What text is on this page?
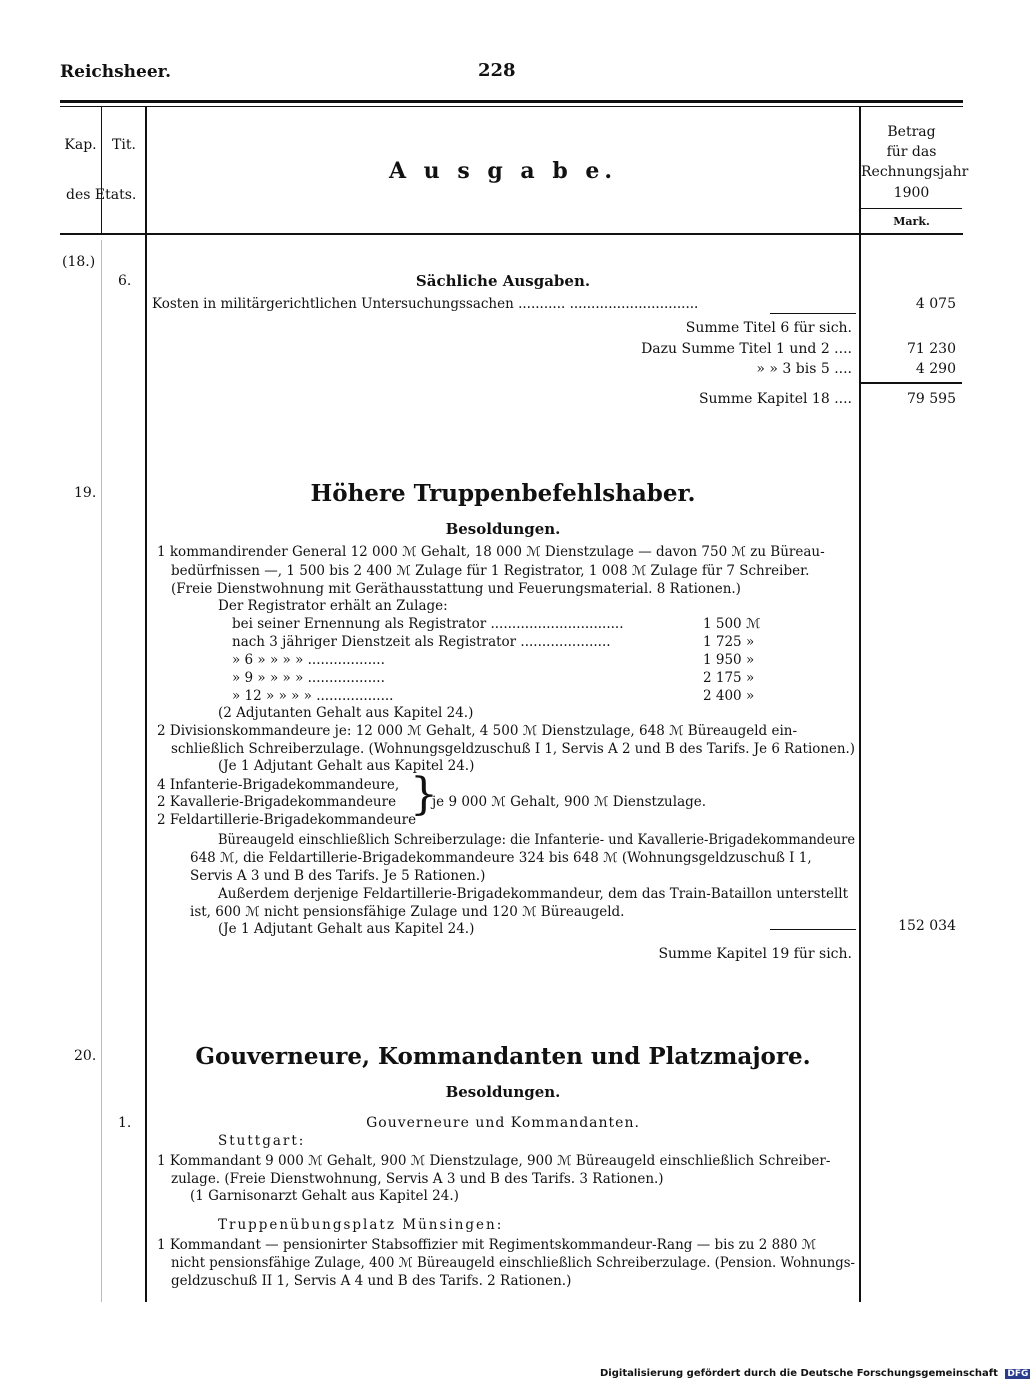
Reichsheer.	228
Kap.	Tit.
des Etats.
A u s g a b e.
Betrag
für das
Rechnungsjahr
1900
Mark.
(18.)
6.	Sächliche Ausgaben.
Kosten in militärgerichtlichen Untersuchungssachen ........... ..............................	4 075
Summe Titel 6 für sich.
Dazu Summe Titel 1 und 2 ....	71 230
» » 3 bis 5 ....	4 290
Summe Kapitel 18 ....	79 595
19.	Höhere Truppenbefehlshaber.
Besoldungen.
1 kommandirender General 12 000 ℳ Gehalt, 18 000 ℳ Dienstzulage — davon 750 ℳ zu Büreau-
bedürfnissen —, 1 500 bis 2 400 ℳ Zulage für 1 Registrator, 1 008 ℳ Zulage für 7 Schreiber.
(Freie Dienstwohnung mit Geräthausstattung und Feuerungsmaterial. 8 Rationen.)
Der Registrator erhält an Zulage:
bei seiner Ernennung als Registrator ...............................	1 500 ℳ
nach 3 jähriger Dienstzeit als Registrator .....................	1 725 »
» 6 » » » » ..................	1 950 »
» 9 » » » » ..................	2 175 »
» 12 » » » » ..................	2 400 »
(2 Adjutanten Gehalt aus Kapitel 24.)
2 Divisionskommandeure je: 12 000 ℳ Gehalt, 4 500 ℳ Dienstzulage, 648 ℳ Büreaugeld ein-
schließlich Schreiberzulage. (Wohnungsgeldzuschuß I 1, Servis A 2 und B des Tarifs. Je 6 Rationen.)
(Je 1 Adjutant Gehalt aus Kapitel 24.)
4 Infanterie-Brigadekommandeure,
2 Kavallerie-Brigadekommandeure
2 Feldartillerie-Brigadekommandeure
}
je 9 000 ℳ Gehalt, 900 ℳ Dienstzulage.
Büreaugeld einschließlich Schreiberzulage: die Infanterie- und Kavallerie-Brigadekommandeure
648 ℳ, die Feldartillerie-Brigadekommandeure 324 bis 648 ℳ (Wohnungsgeldzuschuß I 1,
Servis A 3 und B des Tarifs. Je 5 Rationen.)
Außerdem derjenige Feldartillerie-Brigadekommandeur, dem das Train-Bataillon unterstellt
ist, 600 ℳ nicht pensionsfähige Zulage und 120 ℳ Büreaugeld.
(Je 1 Adjutant Gehalt aus Kapitel 24.)	152 034
Summe Kapitel 19 für sich.
20.	Gouverneure, Kommandanten und Platzmajore.
Besoldungen.
1.	Gouverneure und Kommandanten.
Stuttgart:
1 Kommandant 9 000 ℳ Gehalt, 900 ℳ Dienstzulage, 900 ℳ Büreaugeld einschließlich Schreiber-
zulage. (Freie Dienstwohnung, Servis A 3 und B des Tarifs. 3 Rationen.)
(1 Garnisonarzt Gehalt aus Kapitel 24.)
Truppenübungsplatz Münsingen:
1 Kommandant — pensionirter Stabsoffizier mit Regimentskommandeur-Rang — bis zu 2 880 ℳ
nicht pensionsfähige Zulage, 400 ℳ Büreaugeld einschließlich Schreiberzulage. (Pension. Wohnungs-
geldzuschuß II 1, Servis A 4 und B des Tarifs. 2 Rationen.)
Digitalisierung gefördert durch die Deutsche Forschungsgemeinschaft DFG
